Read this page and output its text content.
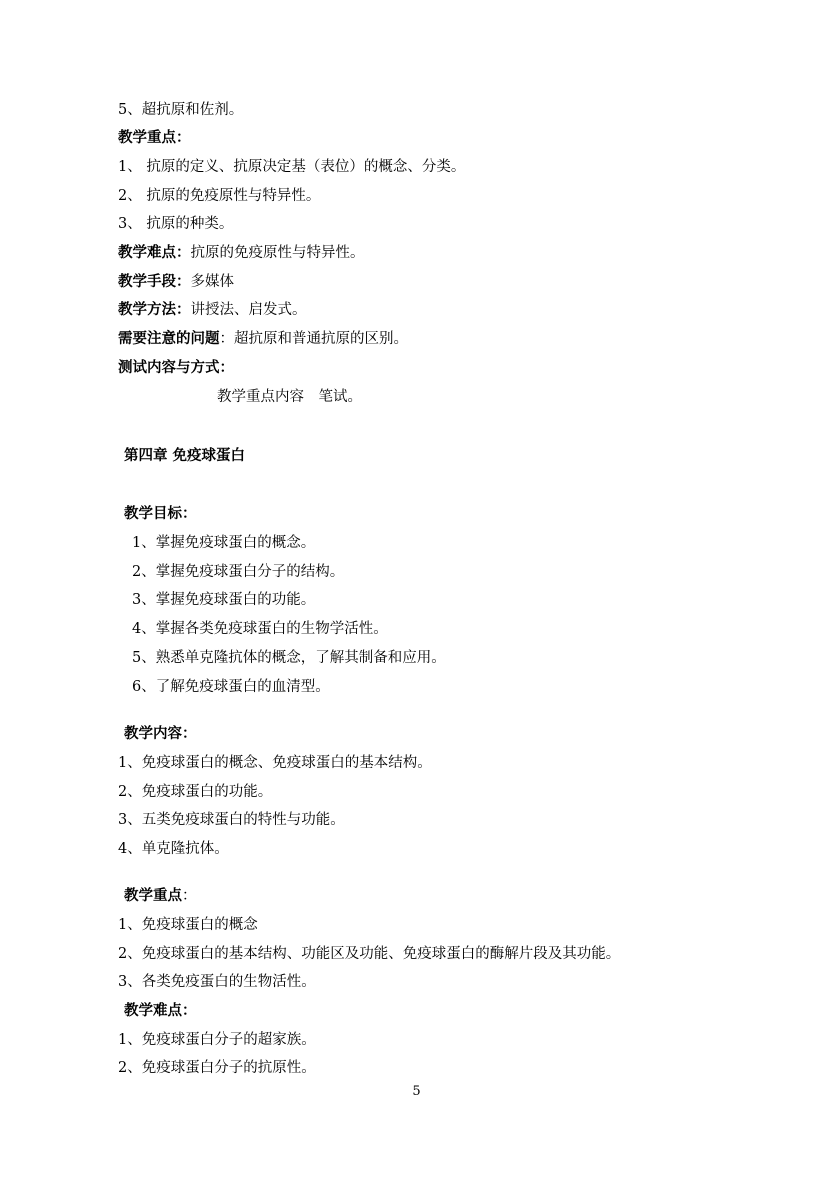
5、超抗原和佐剂。
教学重点：
1、 抗原的定义、抗原决定基（表位）的概念、分类。
2、 抗原的免疫原性与特异性。
3、 抗原的种类。
教学难点：抗原的免疫原性与特异性。
教学手段：多媒体
教学方法：讲授法、启发式。
需要注意的问题：超抗原和普通抗原的区别。
测试内容与方式：
教学重点内容　笔试。
第四章 免疫球蛋白
教学目标：
1、掌握免疫球蛋白的概念。
2、掌握免疫球蛋白分子的结构。
3、掌握免疫球蛋白的功能。
4、掌握各类免疫球蛋白的生物学活性。
5、熟悉单克隆抗体的概念，了解其制备和应用。
6、了解免疫球蛋白的血清型。
教学内容：
1、免疫球蛋白的概念、免疫球蛋白的基本结构。
2、免疫球蛋白的功能。
3、五类免疫球蛋白的特性与功能。
4、单克隆抗体。
教学重点：
1、免疫球蛋白的概念
2、免疫球蛋白的基本结构、功能区及功能、免疫球蛋白的酶解片段及其功能。
3、各类免疫蛋白的生物活性。
教学难点：
1、免疫球蛋白分子的超家族。
2、免疫球蛋白分子的抗原性。
5
